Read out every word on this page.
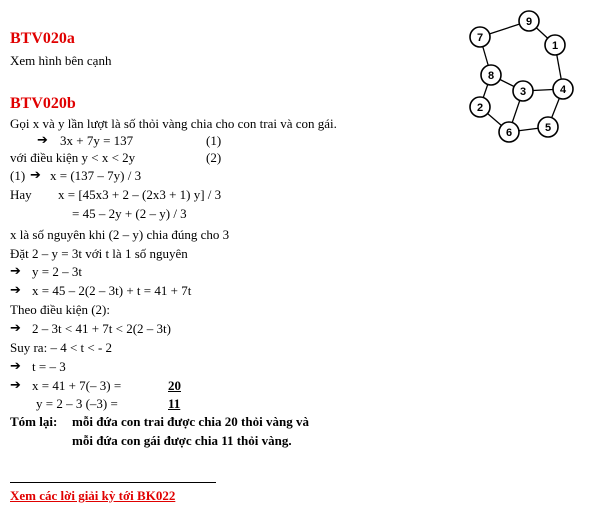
BTV020a
Xem hình bên cạnh
BTV020b
Gọi x và y lần lượt là số thỏi vàng chia cho con trai và con gái.
➔ 3x + 7y = 137	(1)
với điều kiện y < x < 2y	(2)
(1) ➔ x = (137 – 7y) / 3
Hay x = [45x3 + 2 – (2x3 + 1) y] / 3
= 45 – 2y + (2 – y) / 3
x là số nguyên khi (2 – y) chia đúng cho 3
Đặt 2 – y = 3t với t là 1 số nguyên
➔ y = 2 – 3t
➔ x = 45 – 2(2 – 3t) + t = 41 + 7t
Theo điều kiện (2):
➔ 2 – 3t < 41 + 7t < 2(2 – 3t)
Suy ra: – 4 < t < - 2
➔ t = – 3
➔ x = 41 + 7(– 3) =	20
y = 2 – 3 (–3) =	11
Tóm lại: mỗi đứa con trai được chia 20 thỏi vàng và
mỗi đứa con gái được chia 11 thỏi vàng.
Xem các lời giải kỳ tới BK022
9
7
1
8
3	4
2
5
6
